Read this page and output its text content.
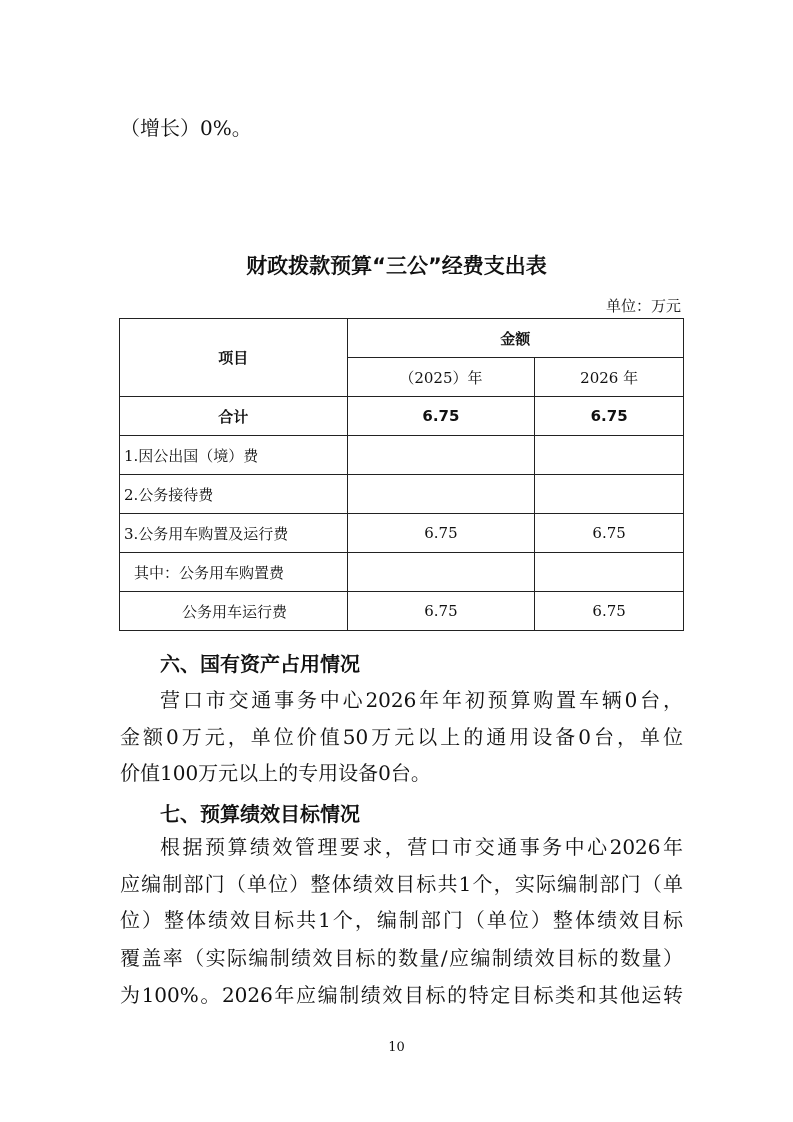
（增长）0%。
财政拨款预算“三公”经费支出表
单位：万元
项目	金额	
	（2025）年	2026 年
合计	6.75	6.75
1.因公出国（境）费		
2.公务接待费		
3.公务用车购置及运行费	6.75	6.75
其中：公务用车购置费		
公务用车运行费	6.75	6.75
六、国有资产占用情况
营口市交通事务中心2026年年初预算购置车辆0台，
金额0万元，单位价值50万元以上的通用设备0台，单位
价值100万元以上的专用设备0台。
七、预算绩效目标情况
根据预算绩效管理要求，营口市交通事务中心2026年
应编制部门（单位）整体绩效目标共1个，实际编制部门（单
位）整体绩效目标共1个，编制部门（单位）整体绩效目标
覆盖率（实际编制绩效目标的数量/应编制绩效目标的数量）
为100%。2026年应编制绩效目标的特定目标类和其他运转
10
